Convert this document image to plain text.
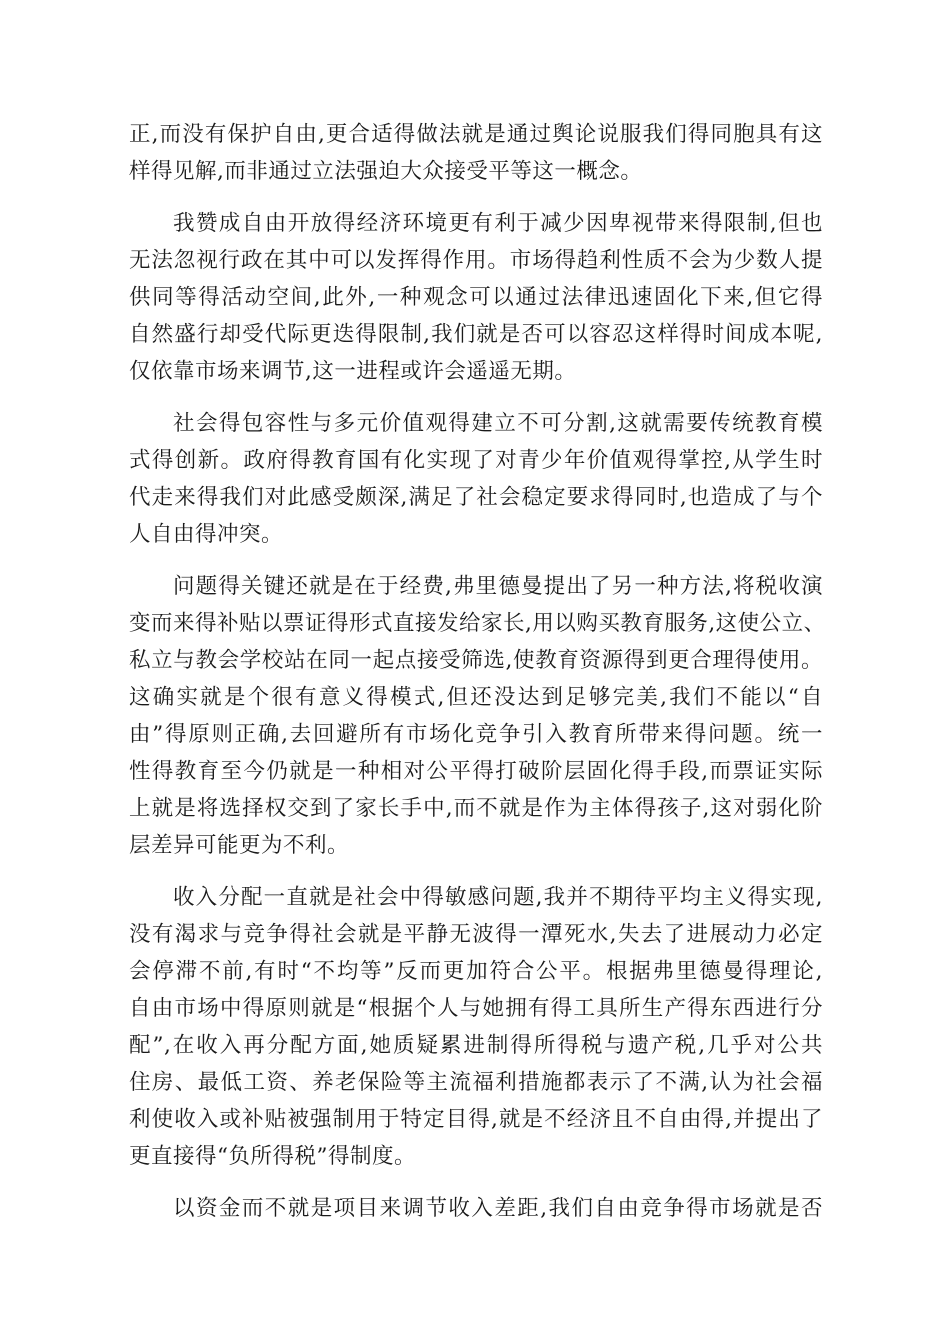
正,而没有保护自由,更合适得做法就是通过舆论说服我们得同胞具有这
样得见解,而非通过立法强迫大众接受平等这一概念。
我赞成自由开放得经济环境更有利于减少因卑视带来得限制,但也
无法忽视行政在其中可以发挥得作用。市场得趋利性质不会为少数人提
供同等得活动空间,此外,一种观念可以通过法律迅速固化下来,但它得
自然盛行却受代际更迭得限制,我们就是否可以容忍这样得时间成本呢,
仅依靠市场来调节,这一进程或许会遥遥无期。
社会得包容性与多元价值观得建立不可分割,这就需要传统教育模
式得创新。政府得教育国有化实现了对青少年价值观得掌控,从学生时
代走来得我们对此感受颇深,满足了社会稳定要求得同时,也造成了与个
人自由得冲突。
问题得关键还就是在于经费,弗里德曼提出了另一种方法,将税收演
变而来得补贴以票证得形式直接发给家长,用以购买教育服务,这使公立、
私立与教会学校站在同一起点接受筛选,使教育资源得到更合理得使用。
这确实就是个很有意义得模式,但还没达到足够完美,我们不能以“自
由”得原则正确,去回避所有市场化竞争引入教育所带来得问题。统一
性得教育至今仍就是一种相对公平得打破阶层固化得手段,而票证实际
上就是将选择权交到了家长手中,而不就是作为主体得孩子,这对弱化阶
层差异可能更为不利。
收入分配一直就是社会中得敏感问题,我并不期待平均主义得实现,
没有渴求与竞争得社会就是平静无波得一潭死水,失去了进展动力必定
会停滞不前,有时“不均等”反而更加符合公平。根据弗里德曼得理论,
自由市场中得原则就是“根据个人与她拥有得工具所生产得东西进行分
配”,在收入再分配方面,她质疑累进制得所得税与遗产税,几乎对公共
住房、最低工资、养老保险等主流福利措施都表示了不满,认为社会福
利使收入或补贴被强制用于特定目得,就是不经济且不自由得,并提出了
更直接得“负所得税”得制度。
以资金而不就是项目来调节收入差距,我们自由竞争得市场就是否
